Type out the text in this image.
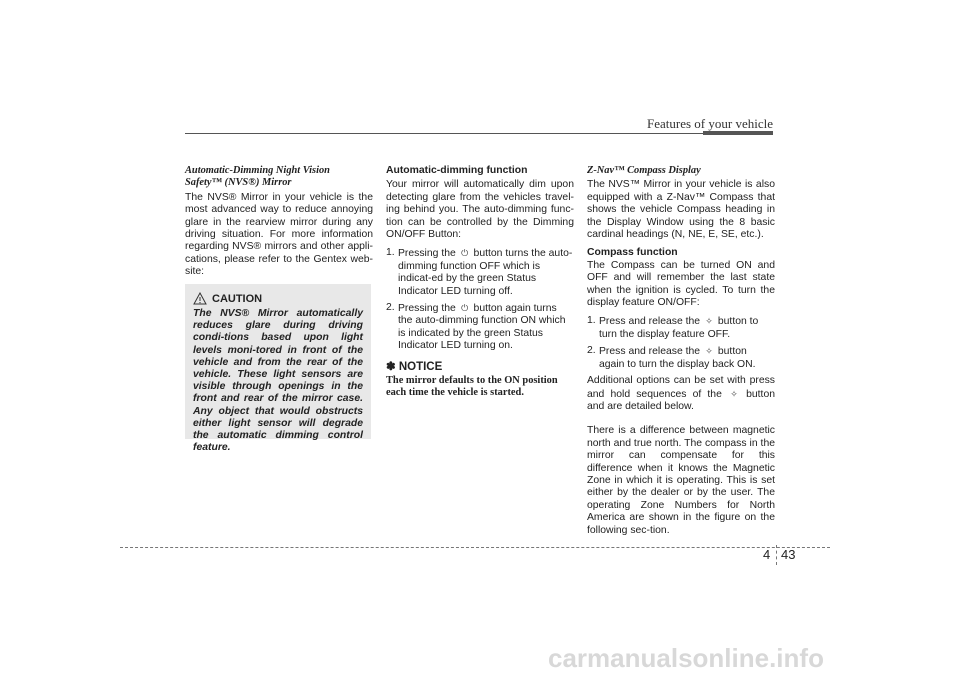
Features of your vehicle
Automatic-Dimming Night Vision
Safety™ (NVS®) Mirror

The NVS® Mirror in your vehicle is the most advanced way to reduce annoying glare in the rearview mirror during any driving situation. For more information regarding NVS® mirrors and other appli-cations, please refer to the Gentex web-site:

CAUTION
The NVS® Mirror automatically reduces glare during driving condi-tions based upon light levels moni-tored in front of the vehicle and from the rear of the vehicle. These light sensors are visible through openings in the front and rear of the mirror case. Any object that would obstructs either light sensor will degrade the automatic dimming control feature.
Automatic-dimming function

Your mirror will automatically dim upon detecting glare from the vehicles travel-ing behind you. The auto-dimming func-tion can be controlled by the Dimming ON/OFF Button:

1. Pressing the ⏻ button turns the auto-dimming function OFF which is indicat-ed by the green Status Indicator LED turning off.
2. Pressing the ⏻ button again turns the auto-dimming function ON which is indicated by the green Status Indicator LED turning on.
✽ NOTICE
The mirror defaults to the ON position each time the vehicle is started.
Z-Nav™ Compass Display

The NVS™ Mirror in your vehicle is also equipped with a Z-Nav™ Compass that shows the vehicle Compass heading in the Display Window using the 8 basic cardinal headings (N, NE, E, SE, etc.).

Compass function

The Compass can be turned ON and OFF and will remember the last state when the ignition is cycled. To turn the display feature ON/OFF:

1. Press and release the ✧ button to turn the display feature OFF.
2. Press and release the ✧ button again to turn the display back ON.

Additional options can be set with press and hold sequences of the ✧ button and are detailed below.

There is a difference between magnetic north and true north. The compass in the mirror can compensate for this difference when it knows the Magnetic Zone in which it is operating. This is set either by the dealer or by the user. The operating Zone Numbers for North America are shown in the figure on the following sec-tion.

4 43
carmanualsonline.info
